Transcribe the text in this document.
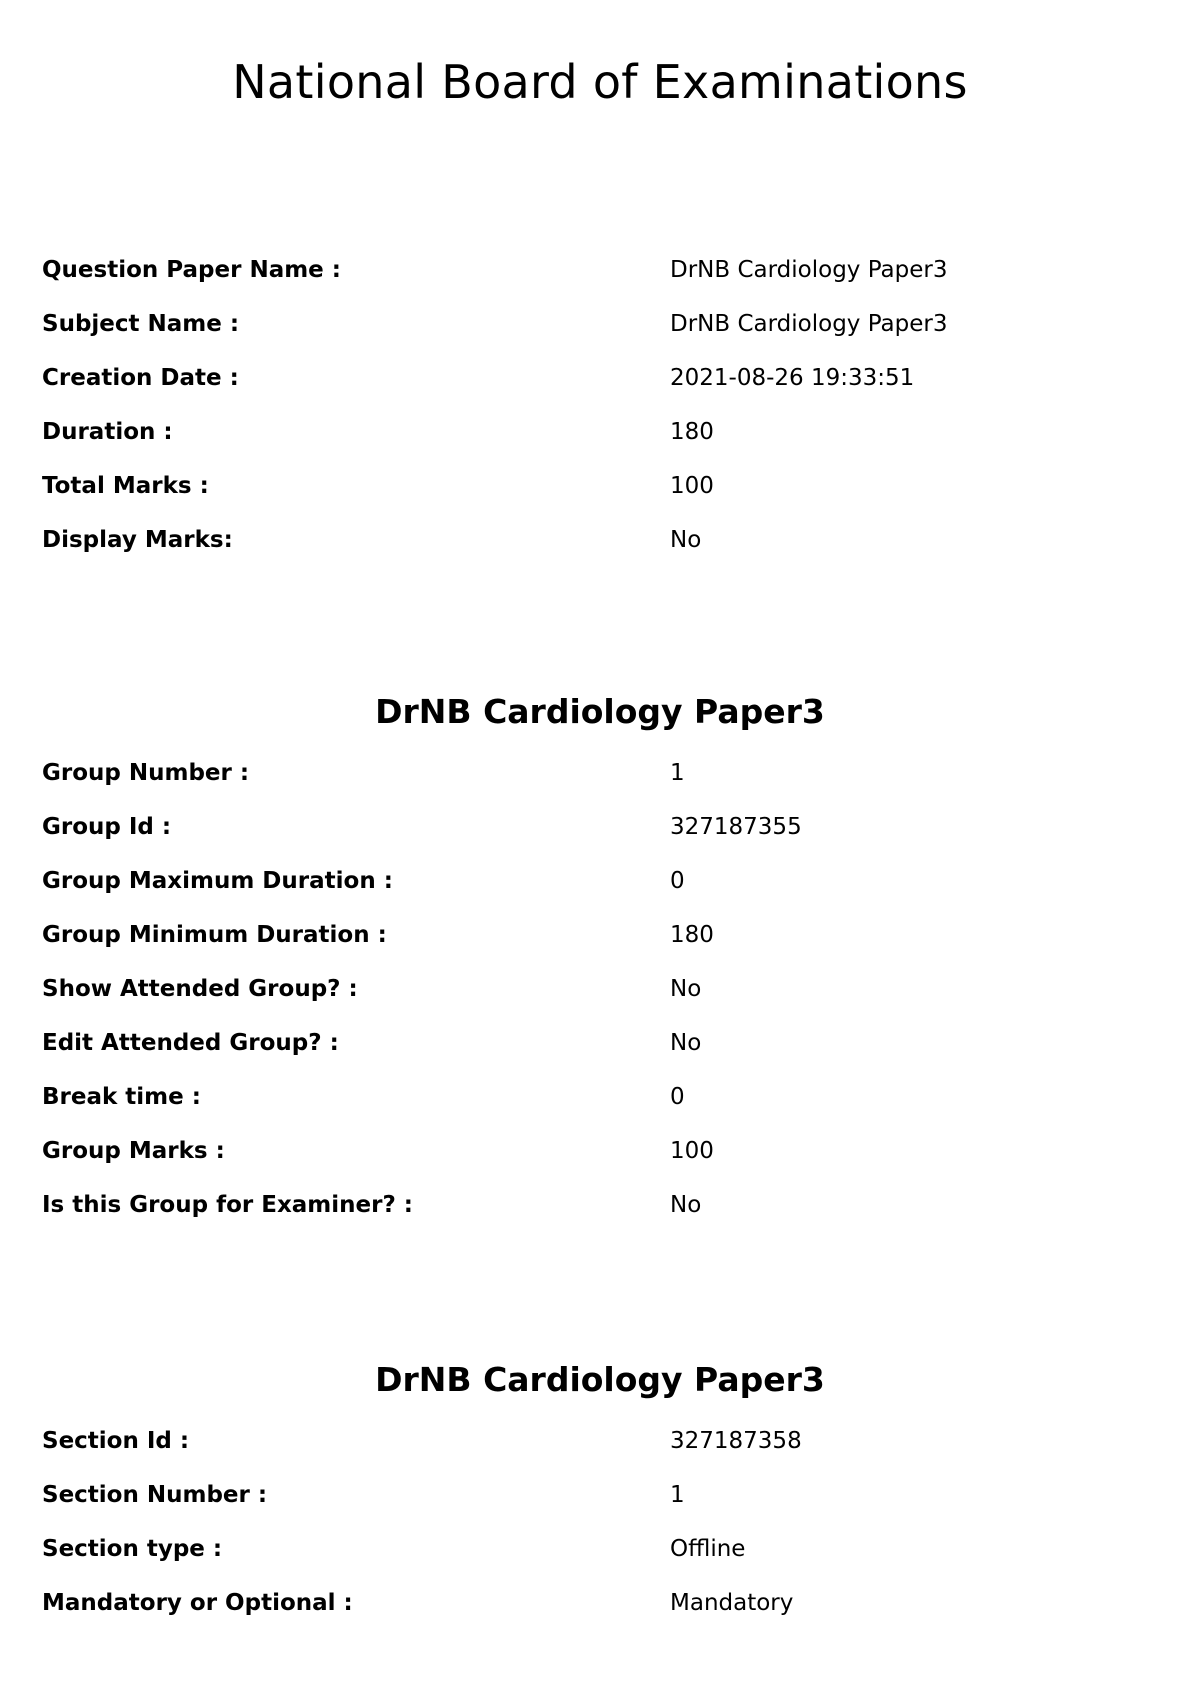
National Board of Examinations
Question Paper Name :	DrNB Cardiology Paper3
Subject Name :	DrNB Cardiology Paper3
Creation Date :	2021-08-26 19:33:51
Duration :	180
Total Marks :	100
Display Marks:	No
DrNB Cardiology Paper3
Group Number :	1
Group Id :	327187355
Group Maximum Duration :	0
Group Minimum Duration :	180
Show Attended Group? :	No
Edit Attended Group? :	No
Break time :	0
Group Marks :	100
Is this Group for Examiner? :	No
DrNB Cardiology Paper3
Section Id :	327187358
Section Number :	1
Section type :	Offline
Mandatory or Optional :	Mandatory
